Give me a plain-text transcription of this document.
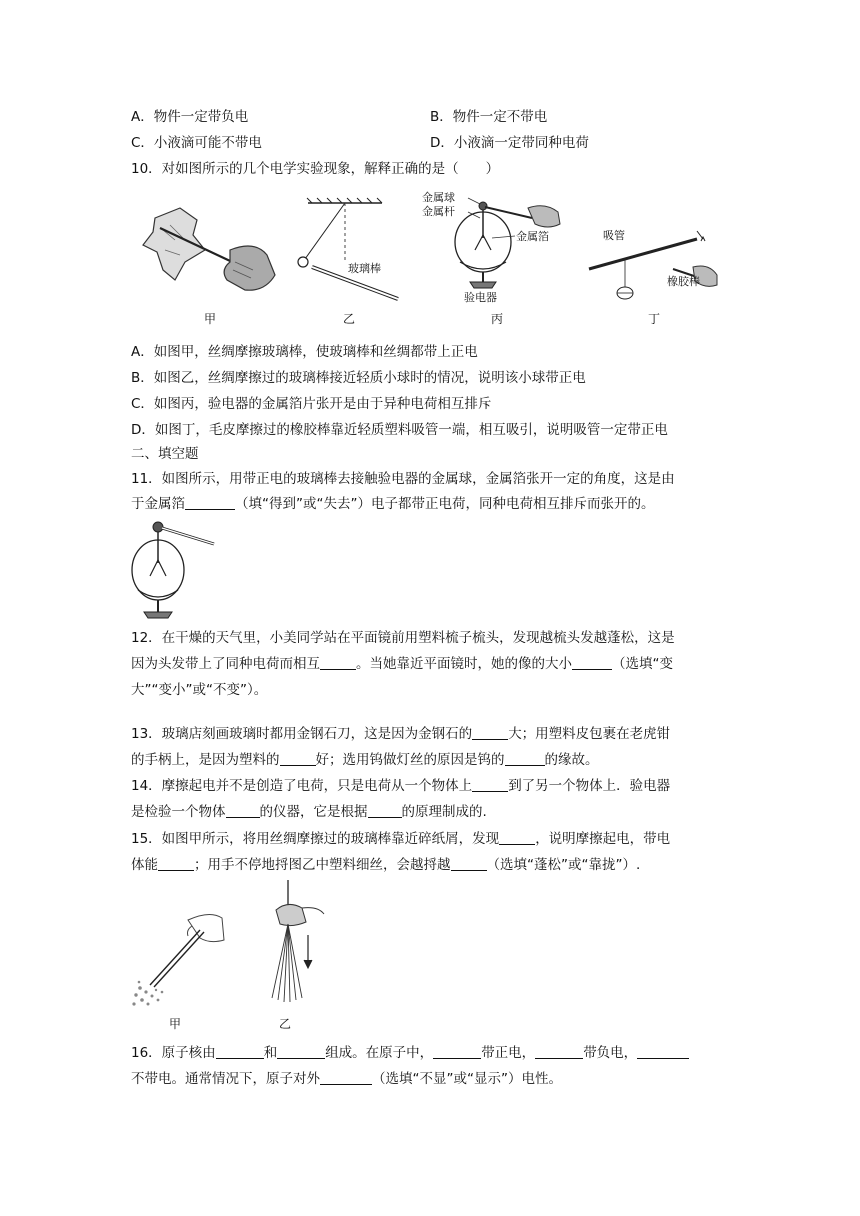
A．物件一定带负电	B．物件一定不带电
C．小液滴可能不带电	D．小液滴一定带同种电荷
10．对如图所示的几个电学实验现象，解释正确的是（　　）
甲
玻璃棒
乙
金属球
金属杆
金属箔
验电器
丙
吸管
橡胶棒
丁
A．如图甲，丝绸摩擦玻璃棒，使玻璃棒和丝绸都带上正电
B．如图乙，丝绸摩擦过的玻璃棒接近轻质小球时的情况，说明该小球带正电
C．如图丙，验电器的金属箔片张开是由于异种电荷相互排斥
D．如图丁，毛皮摩擦过的橡胶棒靠近轻质塑料吸管一端，相互吸引，说明吸管一定带正电
二、填空题
11．如图所示，用带正电的玻璃棒去接触验电器的金属球，金属箔张开一定的角度，这是由
于金属箔	（填“得到”或“失去”）电子都带正电荷，同种电荷相互排斥而张开的。
12．在干燥的天气里，小美同学站在平面镜前用塑料梳子梳头，发现越梳头发越蓬松，这是
因为头发带上了同种电荷而相互	。当她靠近平面镜时，她的像的大小	（选填“变
大”“变小”或“不变”）。
13．玻璃店刻画玻璃时都用金钢石刀，这是因为金钢石的	大；用塑料皮包裹在老虎钳
的手柄上，是因为塑料的	好；选用钨做灯丝的原因是钨的	的缘故。
14．摩擦起电并不是创造了电荷，只是电荷从一个物体上	到了另一个物体上．验电器
是检验一个物体	的仪器，它是根据	的原理制成的.
15．如图甲所示，将用丝绸摩擦过的玻璃棒靠近碎纸屑，发现	，说明摩擦起电，带电
体能	；用手不停地捋图乙中塑料细丝，会越捋越	（选填“蓬松”或“靠拢”）.
甲	乙
16．原子核由	和	组成。在原子中，	带正电，	带负电，
不带电。通常情况下，原子对外	（选填“不显”或“显示”）电性。
